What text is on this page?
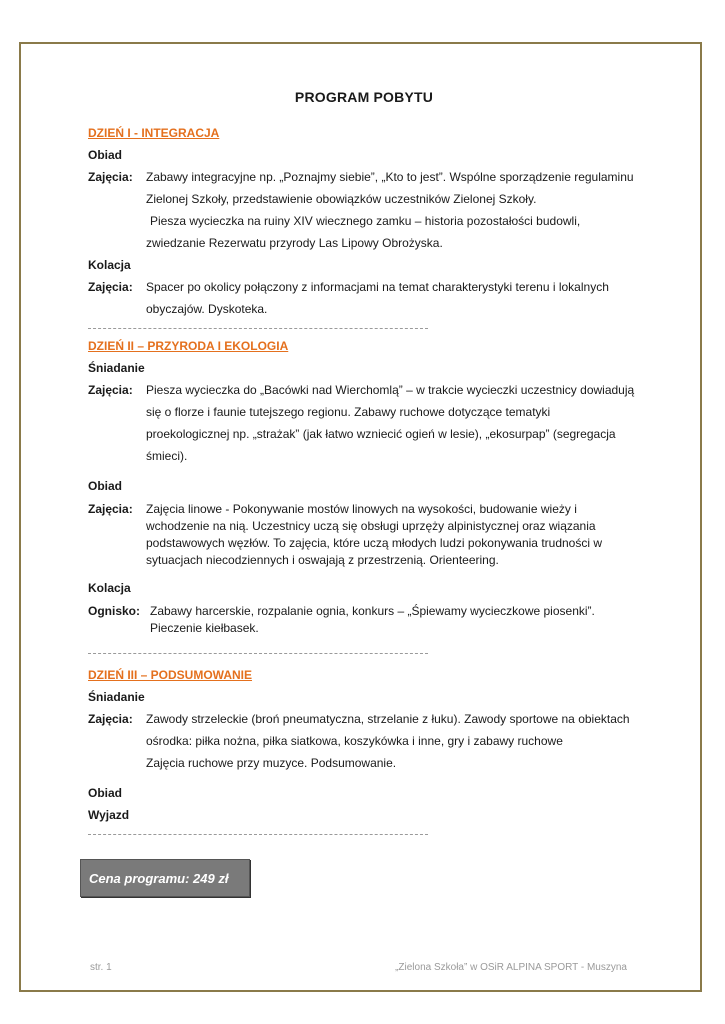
PROGRAM POBYTU
DZIEŃ I - INTEGRACJA
Obiad
Zajęcia:	Zabawy integracyjne np. „Poznajmy siebie”, „Kto to jest”. Wspólne sporządzenie regulaminu

Zielonej Szkoły, przedstawienie obowiązków uczestników Zielonej Szkoły.

Piesza wycieczka na ruiny XIV wiecznego zamku – historia pozostałości budowli,

zwiedzanie Rezerwatu przyrody Las Lipowy Obrożyska.

Kolacja
Zajęcia:	Spacer po okolicy połączony z informacjami na temat charakterystyki terenu i lokalnych

obyczajów. Dyskoteka.

DZIEŃ II – PRZYRODA I EKOLOGIA
Śniadanie
Zajęcia:	Piesza wycieczka do „Bacówki nad Wierchomlą” – w trakcie wycieczki uczestnicy dowiadują

się o florze i faunie tutejszego regionu. Zabawy ruchowe dotyczące tematyki

proekologicznej np. „strażak” (jak łatwo wzniecić ogień w lesie), „ekosurpap” (segregacja

śmieci).

Obiad
Zajęcia:	Zajęcia linowe - Pokonywanie mostów linowych na wysokości, budowanie wieży i

wchodzenie na nią. Uczestnicy uczą się obsługi uprzęży alpinistycznej oraz wiązania

podstawowych węzłów. To zajęcia, które uczą młodych ludzi pokonywania trudności w

sytuacjach niecodziennych i oswajają z przestrzenią. Orienteering.

Kolacja
Ognisko: Zabawy harcerskie, rozpalanie ognia, konkurs – „Śpiewamy wycieczkowe piosenki”.

Pieczenie kiełbasek.

DZIEŃ III – PODSUMOWANIE
Śniadanie
Zajęcia:	Zawody strzeleckie (broń pneumatyczna, strzelanie z łuku). Zawody sportowe na obiektach

ośrodka: piłka nożna, piłka siatkowa, koszykówka i inne, gry i zabawy ruchowe

Zajęcia ruchowe przy muzyce. Podsumowanie.

Obiad
Wyjazd
Cena programu: 249 zł
str. 1	„Zielona Szkoła” w OSiR ALPINA SPORT - Muszyna
